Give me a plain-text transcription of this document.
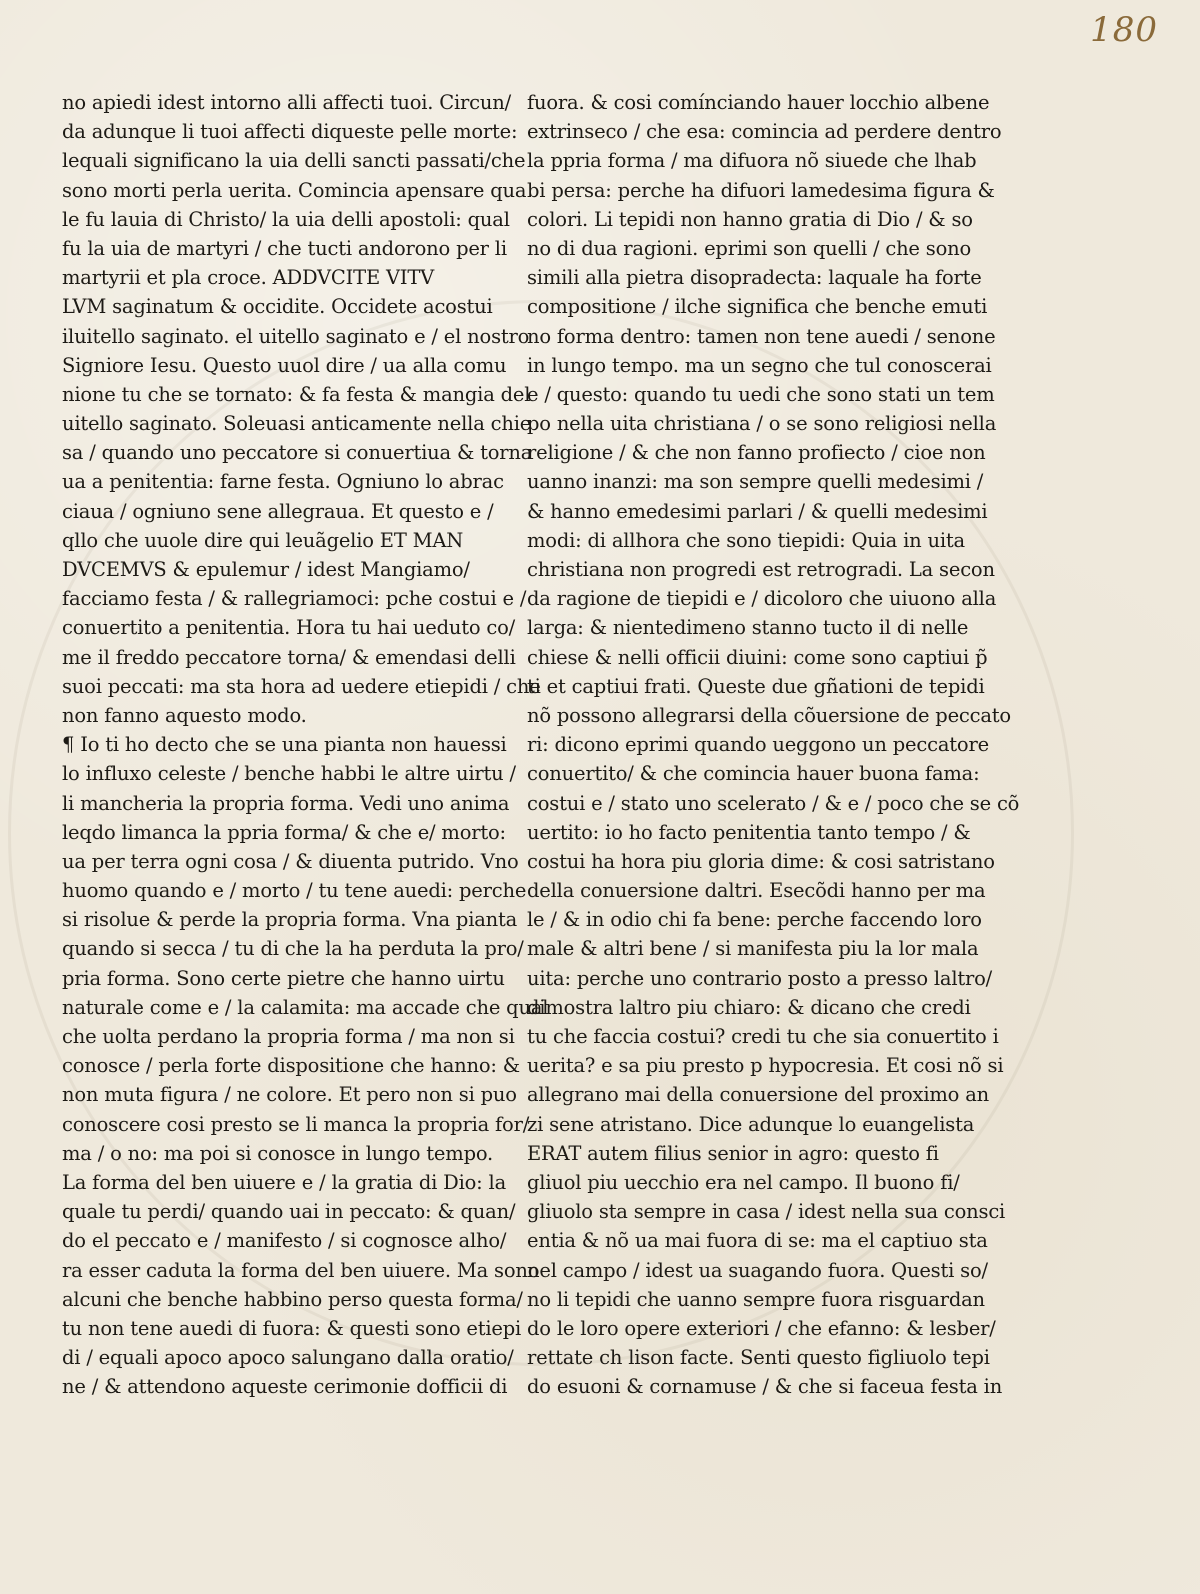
180
no apiedi idest intorno alli affecti tuoi. Circun/
da adunque li tuoi affecti diqueste pelle morte:
lequali significano la uia delli sancti passati/che
sono morti perla uerita. Comincia apensare qua
le fu lauia di Christo/ la uia delli apostoli: qual
fu la uia de martyri / che tucti andorono per li
martyrii et pla croce. ADDVCITE VITV
LVM saginatum & occidite. Occidete acostui
iluitello saginato. el uitello saginato e / el nostro
Signiore Iesu. Questo uuol dire / ua alla comu
nione tu che se tornato: & fa festa & mangia del
uitello saginato. Soleuasi anticamente nella chie
sa / quando uno peccatore si conuertiua & torna
ua a penitentia: farne festa. Ogniuno lo abrac
ciaua / ogniuno sene allegraua. Et questo e /
qllo che uuole dire qui leuãgelio ET MAN
DVCEMVS & epulemur / idest Mangiamo/
facciamo festa / & rallegriamoci: pche costui e /
conuertito a penitentia. Hora tu hai ueduto co/
me il freddo peccatore torna/ & emendasi delli
suoi peccati: ma sta hora ad uedere etiepidi / che
non fanno aquesto modo.
¶ Io ti ho decto che se una pianta non hauessi
lo influxo celeste / benche habbi le altre uirtu /
li mancheria la propria forma. Vedi uno anima
leqdo limanca la ppria forma/ & che e/ morto:
ua per terra ogni cosa / & diuenta putrido. Vno
huomo quando e / morto / tu tene auedi: perche
si risolue & perde la propria forma. Vna pianta
quando si secca / tu di che la ha perduta la pro/
pria forma. Sono certe pietre che hanno uirtu
naturale come e / la calamita: ma accade che qual
che uolta perdano la propria forma / ma non si
conosce / perla forte dispositione che hanno: &
non muta figura / ne colore. Et pero non si puo
conoscere cosi presto se li manca la propria for/
ma / o no: ma poi si conosce in lungo tempo.
La forma del ben uiuere e / la gratia di Dio: la
quale tu perdi/ quando uai in peccato: & quan/
do el peccato e / manifesto / si cognosce alho/
ra esser caduta la forma del ben uiuere. Ma sono
alcuni che benche habbino perso questa forma/
tu non tene auedi di fuora: & questi sono etiepi
di / equali apoco apoco salungano dalla oratio/
ne / & attendono aqueste cerimonie dofficii di
fuora. & cosi comínciando hauer locchio albene
extrinseco / che esa: comincia ad perdere dentro
la ppria forma / ma difuora nõ siuede che lhab
bi persa: perche ha difuori lamedesima figura &
colori. Li tepidi non hanno gratia di Dio / & so
no di dua ragioni. eprimi son quelli / che sono
simili alla pietra disopradecta: laquale ha forte
compositione / ilche significa che benche emuti
no forma dentro: tamen non tene auedi / senone
in lungo tempo. ma un segno che tul conoscerai
e / questo: quando tu uedi che sono stati un tem
po nella uita christiana / o se sono religiosi nella
religione / & che non fanno profiecto / cioe non
uanno inanzi: ma son sempre quelli medesimi /
& hanno emedesimi parlari / & quelli medesimi
modi: di allhora che sono tiepidi: Quia in uita
christiana non progredi est retrogradi. La secon
da ragione de tiepidi e / dicoloro che uiuono alla
larga: & nientedimeno stanno tucto il di nelle
chiese & nelli officii diuini: come sono captiui p̃
ti et captiui frati. Queste due gñationi de tepidi
nõ possono allegrarsi della cõuersione de peccato
ri: dicono eprimi quando ueggono un peccatore
conuertito/ & che comincia hauer buona fama:
costui e / stato uno scelerato / & e / poco che se cõ
uertito: io ho facto penitentia tanto tempo / &
costui ha hora piu gloria dime: & cosi satristano
della conuersione daltri. Esecõdi hanno per ma
le / & in odio chi fa bene: perche faccendo loro
male & altri bene / si manifesta piu la lor mala
uita: perche uno contrario posto a presso laltro/
dimostra laltro piu chiaro: & dicano che credi
tu che faccia costui? credi tu che sia conuertito i
uerita? e sa piu presto p hypocresia. Et cosi nõ si
allegrano mai della conuersione del proximo an
zi sene atristano. Dice adunque lo euangelista
ERAT autem filius senior in agro: questo fi
gliuol piu uecchio era nel campo. Il buono fi/
gliuolo sta sempre in casa / idest nella sua consci
entia & nõ ua mai fuora di se: ma el captiuo sta
nel campo / idest ua suagando fuora. Questi so/
no li tepidi che uanno sempre fuora risguardan
do le loro opere exteriori / che efanno: & lesber/
rettate ch lison facte. Senti questo figliuolo tepi
do esuoni & cornamuse / & che si faceua festa in
